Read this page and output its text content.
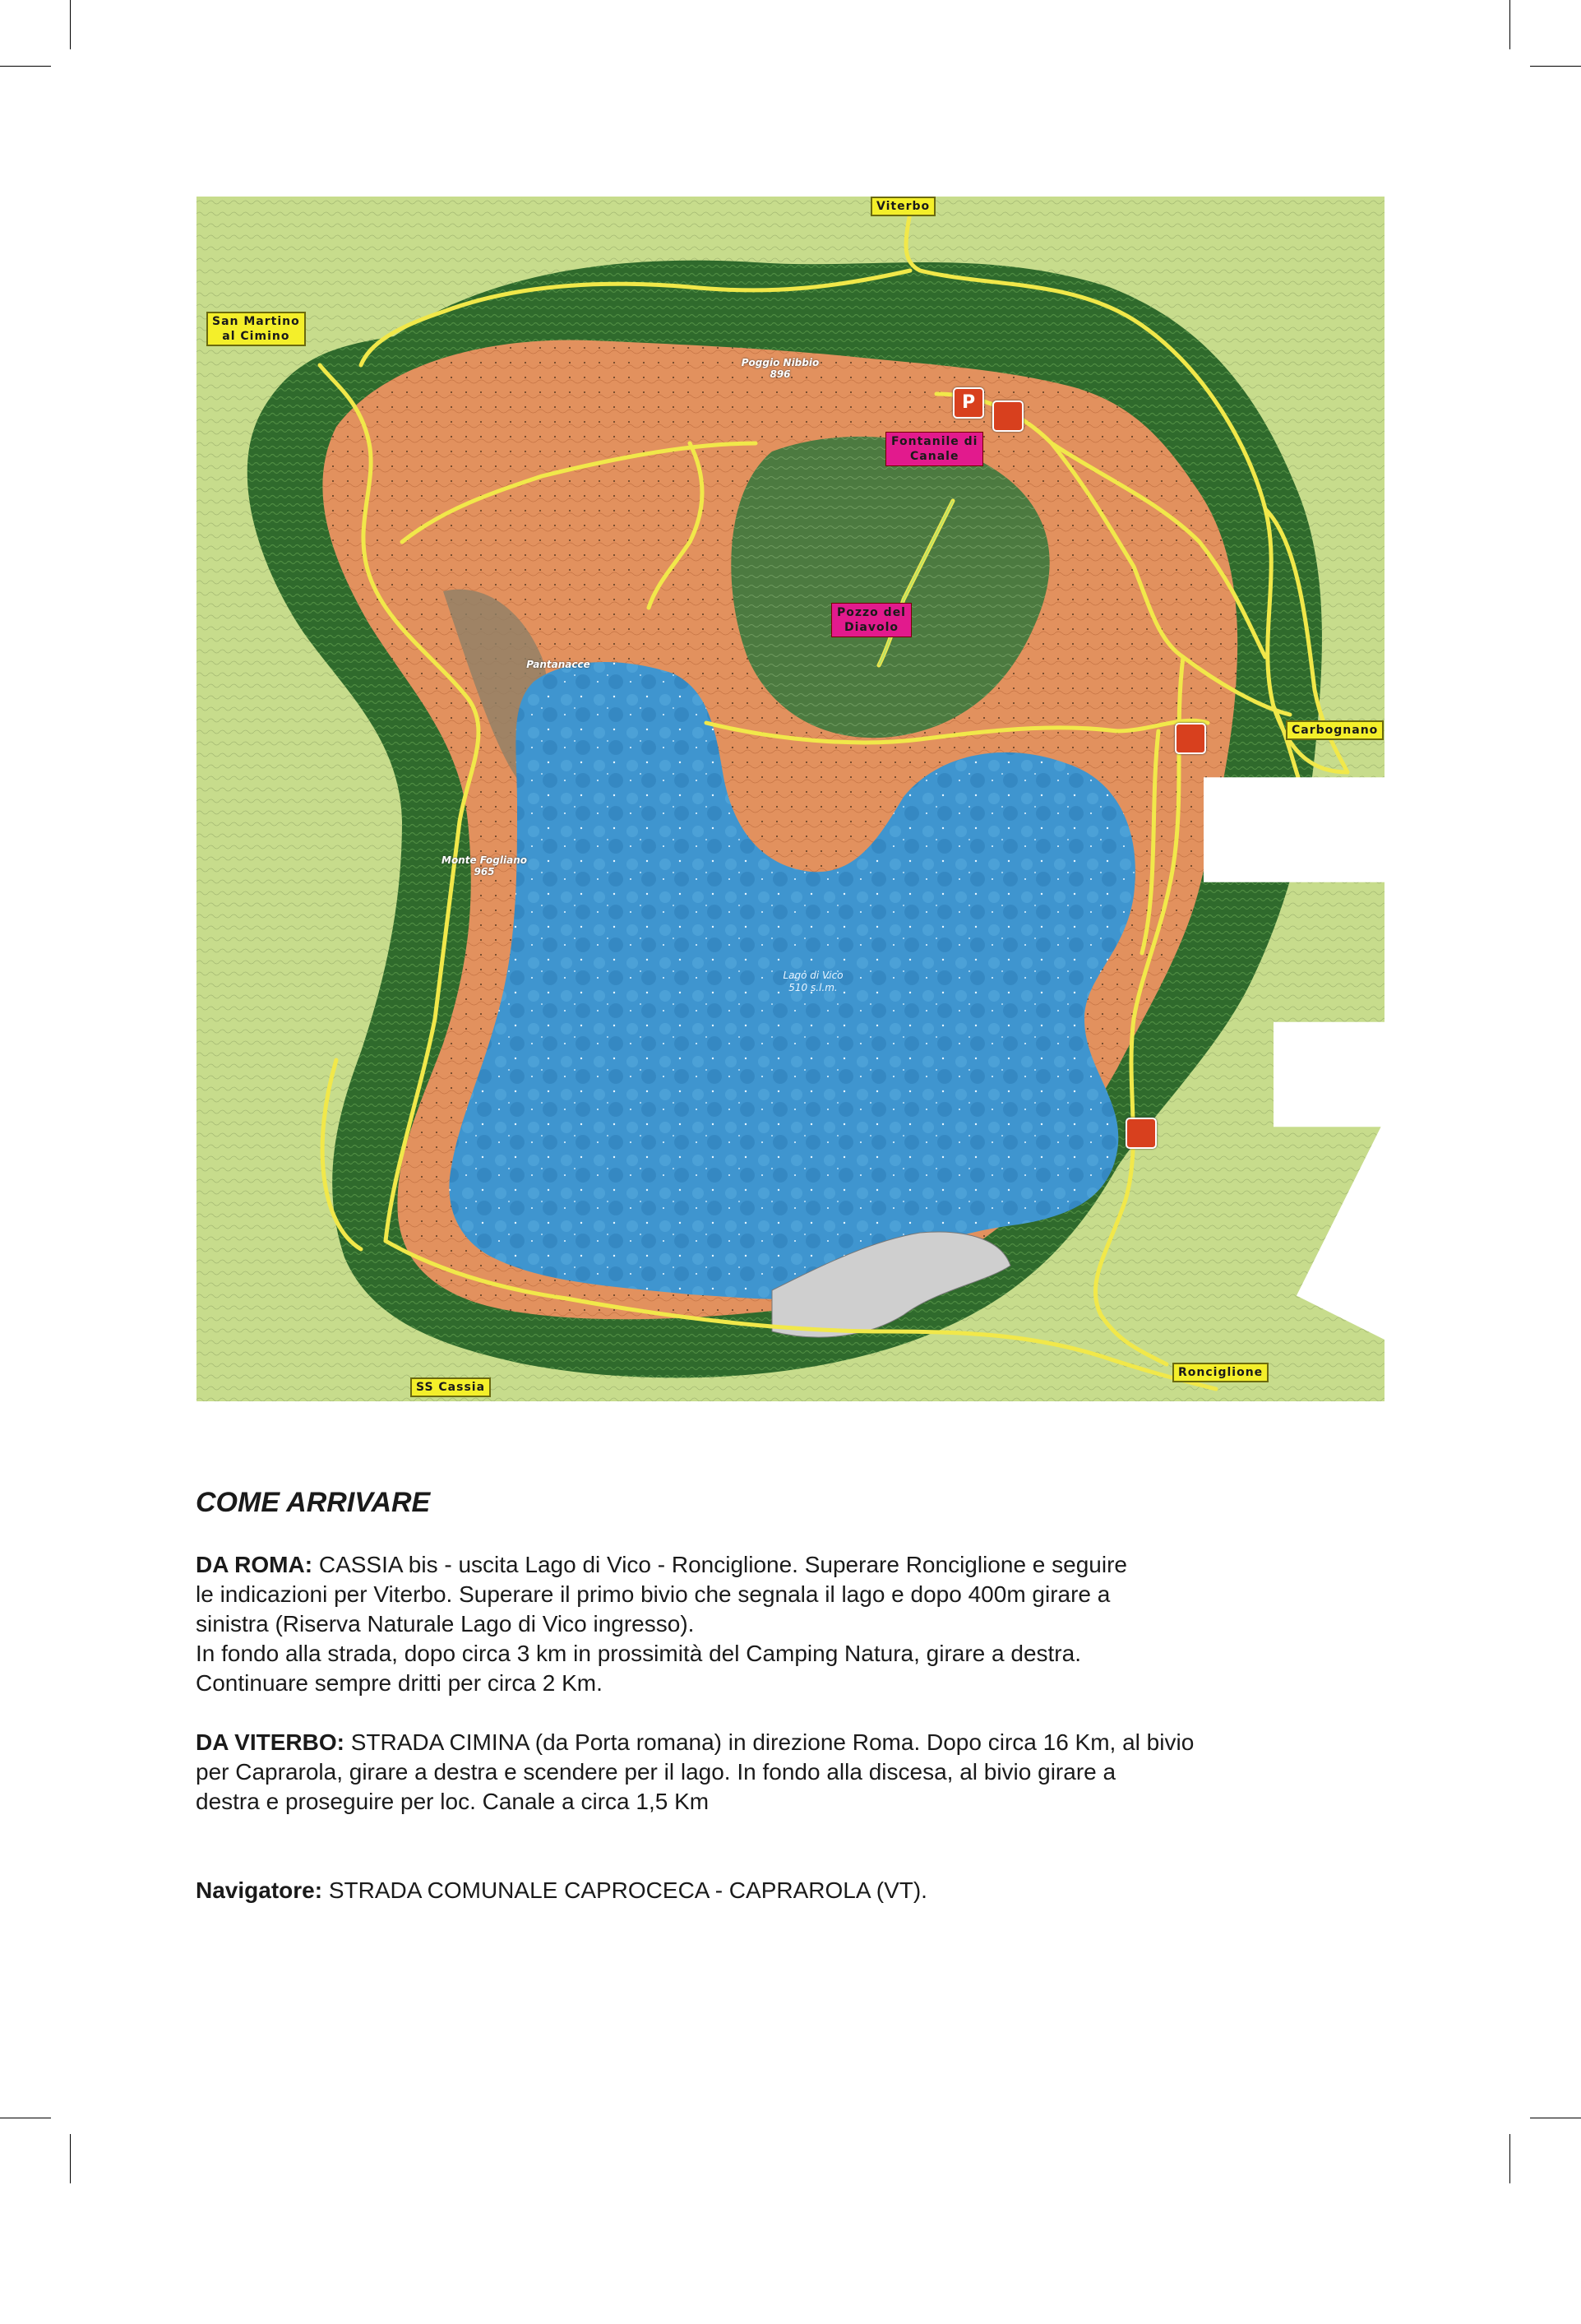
Viterbo
San Martino
al Cimino
Carbognano
Caprarola
Ronciglione
SS Cassia
Fontanile di
Canale
Pozzo del
Diavolo
Poggio Nibbio
896
Pantanacce
Monte Fogliano
965
Lago di Vico
510 s.l.m.
P
COME ARRIVARE

DA ROMA: CASSIA bis - uscita Lago di Vico - Ronciglione. Superare Ronciglione e seguire
le indicazioni per Viterbo. Superare il primo bivio che segnala il lago e dopo 400m girare a
sinistra (Riserva Naturale Lago di Vico ingresso).
In fondo alla strada, dopo circa 3 km in prossimità del Camping Natura, girare a destra.
Continuare sempre dritti per circa 2 Km.

DA VITERBO: STRADA CIMINA (da Porta romana) in direzione Roma. Dopo circa 16 Km, al bivio
per Caprarola, girare a destra e scendere per il lago. In fondo alla discesa, al bivio girare a
destra e proseguire per loc. Canale a circa 1,5 Km

Navigatore: STRADA COMUNALE CAPROCECA - CAPRAROLA (VT).
